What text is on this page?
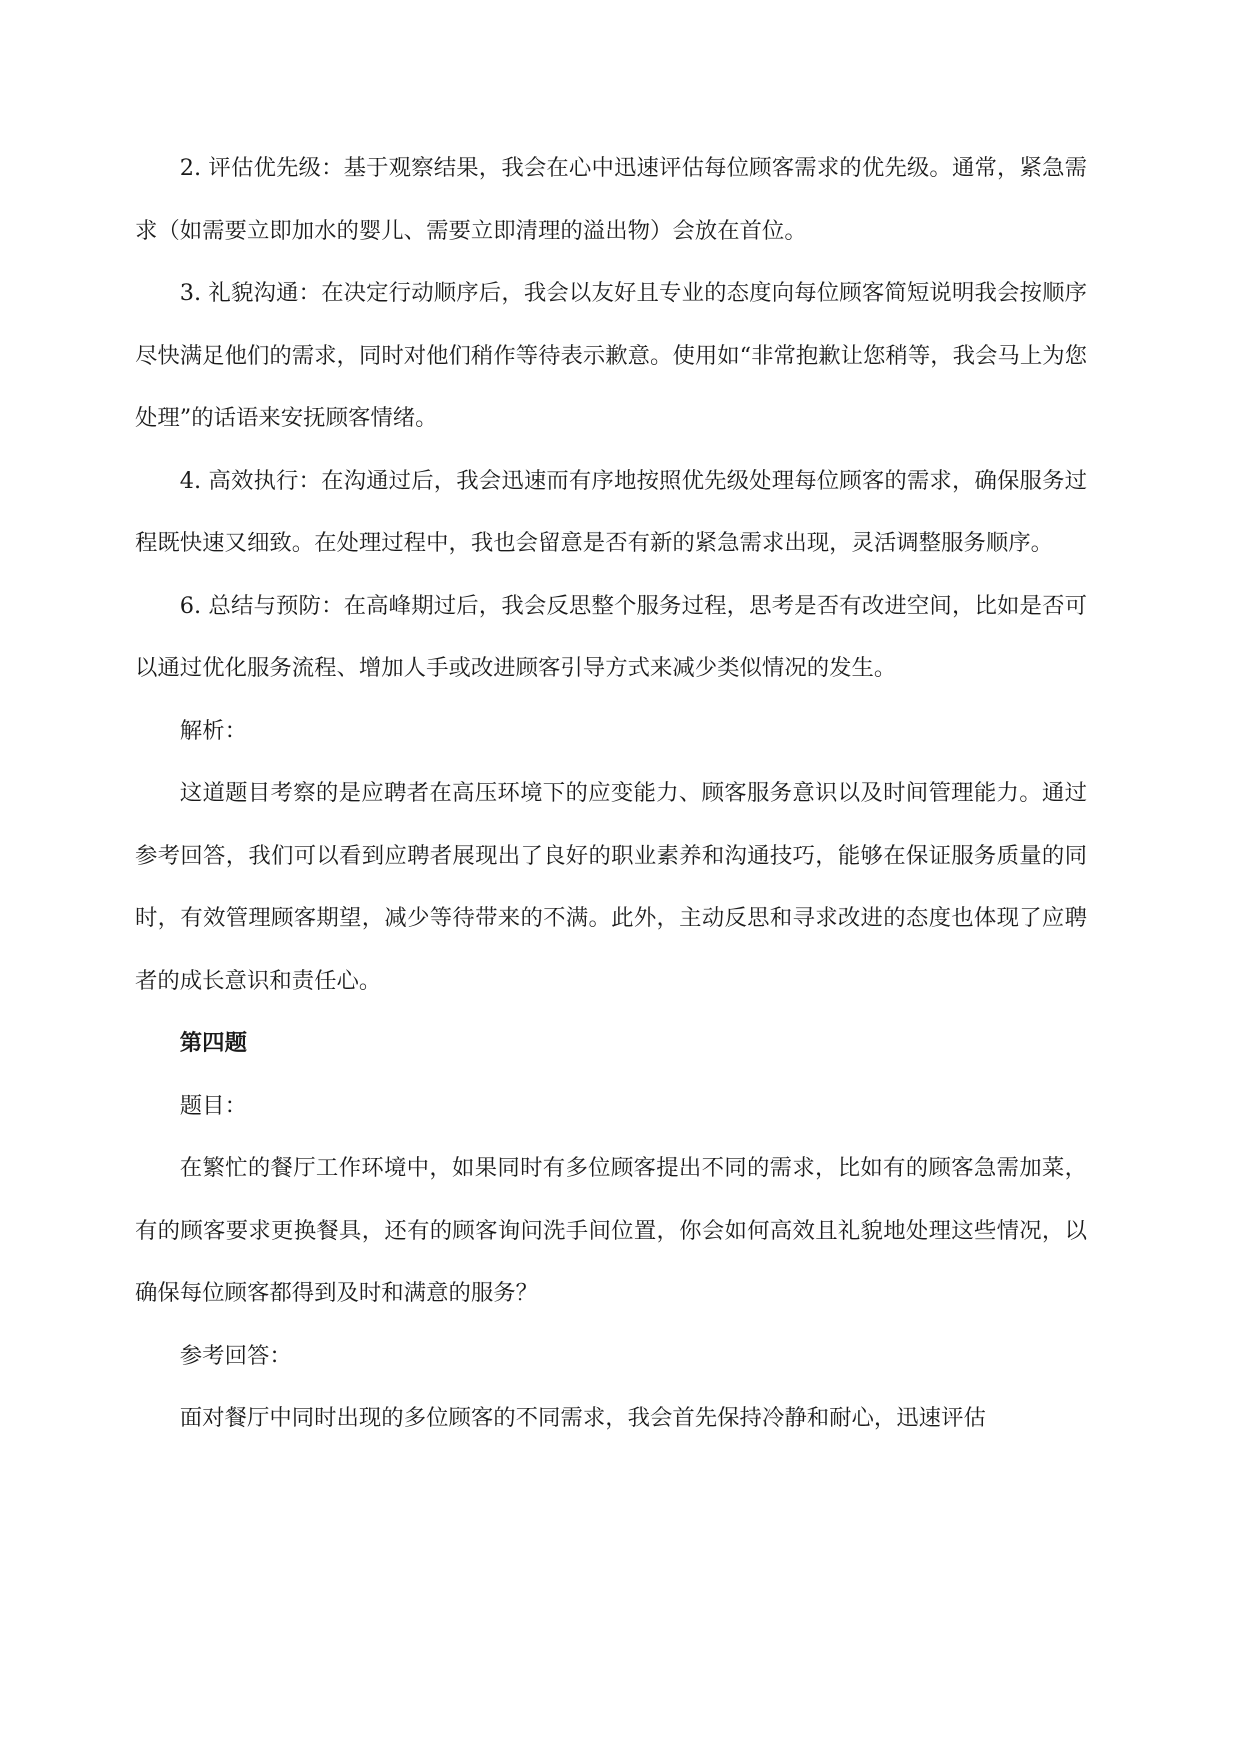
2. 评估优先级：基于观察结果，我会在心中迅速评估每位顾客需求的优先级。通常，紧急需求（如需要立即加水的婴儿、需要立即清理的溢出物）会放在首位。

3. 礼貌沟通：在决定行动顺序后，我会以友好且专业的态度向每位顾客简短说明我会按顺序尽快满足他们的需求，同时对他们稍作等待表示歉意。使用如“非常抱歉让您稍等，我会马上为您处理”的话语来安抚顾客情绪。

4. 高效执行：在沟通过后，我会迅速而有序地按照优先级处理每位顾客的需求，确保服务过程既快速又细致。在处理过程中，我也会留意是否有新的紧急需求出现，灵活调整服务顺序。

6. 总结与预防：在高峰期过后，我会反思整个服务过程，思考是否有改进空间，比如是否可以通过优化服务流程、增加人手或改进顾客引导方式来减少类似情况的发生。

解析：

这道题目考察的是应聘者在高压环境下的应变能力、顾客服务意识以及时间管理能力。通过参考回答，我们可以看到应聘者展现出了良好的职业素养和沟通技巧，能够在保证服务质量的同时，有效管理顾客期望，减少等待带来的不满。此外，主动反思和寻求改进的态度也体现了应聘者的成长意识和责任心。

第四题

题目：

在繁忙的餐厅工作环境中，如果同时有多位顾客提出不同的需求，比如有的顾客急需加菜，有的顾客要求更换餐具，还有的顾客询问洗手间位置，你会如何高效且礼貌地处理这些情况，以确保每位顾客都得到及时和满意的服务？

参考回答：

面对餐厅中同时出现的多位顾客的不同需求，我会首先保持冷静和耐心，迅速评估
